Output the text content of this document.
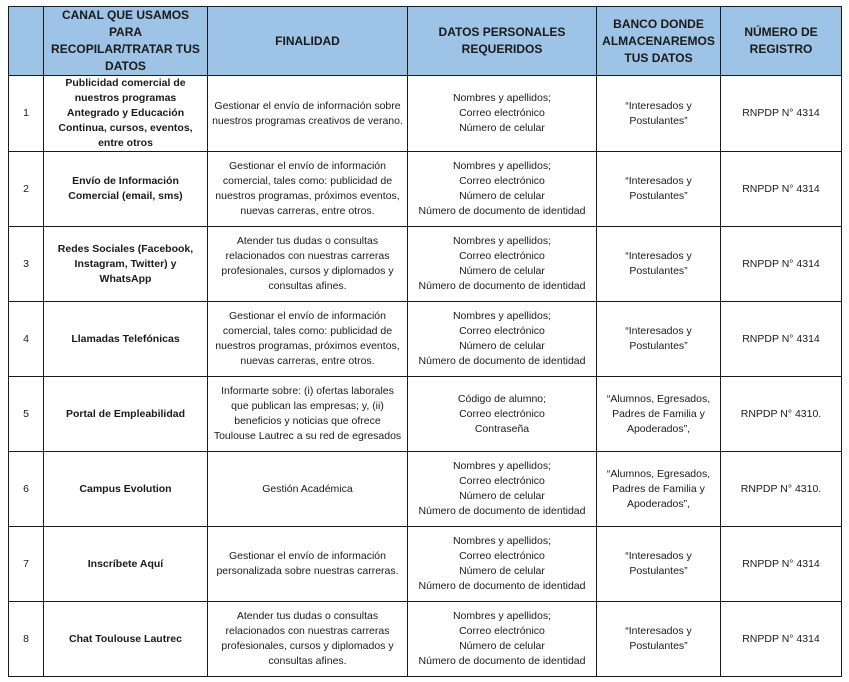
	CANAL QUE USAMOS PARA RECOPILAR/TRATAR TUS DATOS	FINALIDAD	DATOS PERSONALES REQUERIDOS	BANCO DONDE ALMACENAREMOS TUS DATOS	NÚMERO DE REGISTRO
1	Publicidad comercial de nuestros programas Antegrado y Educación Continua, cursos, eventos, entre otros	Gestionar el envío de información sobre nuestros programas creativos de verano.	Nombres y apellidos;
Correo electrónico
Número de celular	“Interesados y Postulantes”	RNPDP N° 4314
2	Envío de Información Comercial (email, sms)	Gestionar el envío de información comercial, tales como: publicidad de nuestros programas, próximos eventos, nuevas carreras, entre otros.	Nombres y apellidos;
Correo electrónico
Número de celular
Número de documento de identidad	“Interesados y Postulantes”	RNPDP N° 4314
3	Redes Sociales (Facebook, Instagram, Twitter) y WhatsApp	Atender tus dudas o consultas relacionados con nuestras carreras profesionales, cursos y diplomados y consultas afines.	Nombres y apellidos;
Correo electrónico
Número de celular
Número de documento de identidad	“Interesados y Postulantes”	RNPDP N° 4314
4	Llamadas Telefónicas	Gestionar el envío de información comercial, tales como: publicidad de nuestros programas, próximos eventos, nuevas carreras, entre otros.	Nombres y apellidos;
Correo electrónico
Número de celular
Número de documento de identidad	“Interesados y Postulantes”	RNPDP N° 4314
5	Portal de Empleabilidad	Informarte sobre: (i) ofertas laborales que publican las empresas; y, (ii) beneficios y noticias que ofrece Toulouse Lautrec a su red de egresados	Código de alumno;
Correo electrónico
Contraseña	“Alumnos, Egresados, Padres de Familia y Apoderados”,	RNPDP N° 4310.
6	Campus Evolution	Gestión Académica	Nombres y apellidos;
Correo electrónico
Número de celular
Número de documento de identidad	“Alumnos, Egresados, Padres de Familia y Apoderados”,	RNPDP N° 4310.
7	Inscríbete Aquí	Gestionar el envío de información personalizada sobre nuestras carreras.	Nombres y apellidos;
Correo electrónico
Número de celular
Número de documento de identidad	“Interesados y Postulantes”	RNPDP N° 4314
8	Chat Toulouse Lautrec	Atender tus dudas o consultas relacionados con nuestras carreras profesionales, cursos y diplomados y consultas afines.	Nombres y apellidos;
Correo electrónico
Número de celular
Número de documento de identidad	“Interesados y Postulantes”	RNPDP N° 4314
